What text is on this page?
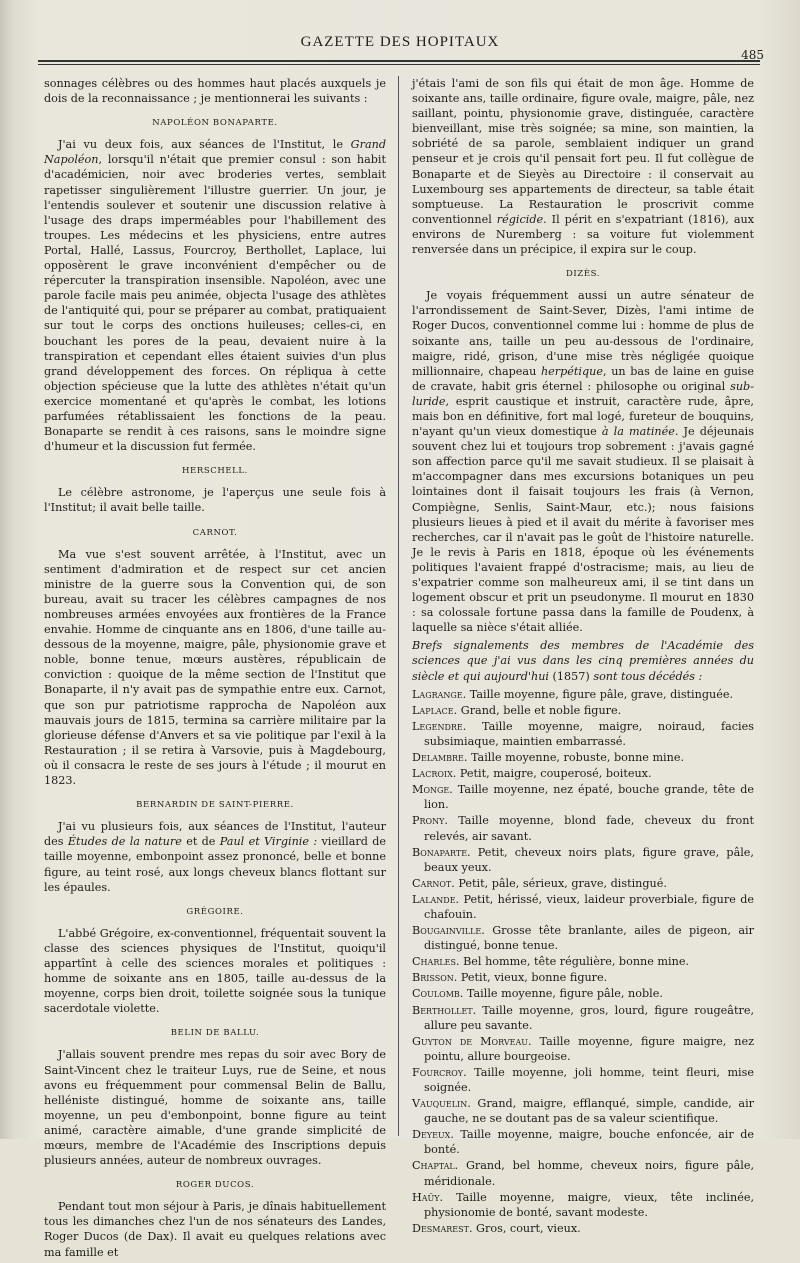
GAZETTE DES HOPITAUX
485

sonnages célèbres ou des hommes haut placés auxquels je dois de la reconnaissance ; je mentionnerai les suivants :

NAPOLÉON BONAPARTE.

J'ai vu deux fois, aux séances de l'Institut, le Grand Napoléon, lorsqu'il n'était que premier consul : son habit d'académicien, noir avec broderies vertes, semblait rapetisser singulièrement l'illustre guerrier. Un jour, je l'entendis soulever et soutenir une discussion relative à l'usage des draps imperméables pour l'habillement des troupes. Les médecins et les physiciens, entre autres Portal, Hallé, Lassus, Fourcroy, Berthollet, Laplace, lui opposèrent le grave inconvénient d'empêcher ou de répercuter la transpiration insensible. Napoléon, avec une parole facile mais peu animée, objecta l'usage des athlètes de l'antiquité qui, pour se préparer au combat, pratiquaient sur tout le corps des onctions huileuses; celles-ci, en bouchant les pores de la peau, devaient nuire à la transpiration et cependant elles étaient suivies d'un plus grand développement des forces. On répliqua à cette objection spécieuse que la lutte des athlètes n'était qu'un exercice momentané et qu'après le combat, les lotions parfumées rétablissaient les fonctions de la peau. Bonaparte se rendit à ces raisons, sans le moindre signe d'humeur et la discussion fut fermée.

HERSCHELL.

Le célèbre astronome, je l'aperçus une seule fois à l'Institut; il avait belle taille.

CARNOT.

Ma vue s'est souvent arrêtée, à l'Institut, avec un sentiment d'admiration et de respect sur cet ancien ministre de la guerre sous la Convention qui, de son bureau, avait su tracer les célèbres campagnes de nos nombreuses armées envoyées aux frontières de la France envahie. Homme de cinquante ans en 1806, d'une taille au-dessous de la moyenne, maigre, pâle, physionomie grave et noble, bonne tenue, mœurs austères, républicain de conviction : quoique de la même section de l'Institut que Bonaparte, il n'y avait pas de sympathie entre eux. Carnot, que son pur patriotisme rapprocha de Napoléon aux mauvais jours de 1815, termina sa carrière militaire par la glorieuse défense d'Anvers et sa vie politique par l'exil à la Restauration ; il se retira à Varsovie, puis à Magdebourg, où il consacra le reste de ses jours à l'étude ; il mourut en 1823.

BERNARDIN DE SAINT-PIERRE.

J'ai vu plusieurs fois, aux séances de l'Institut, l'auteur des Études de la nature et de Paul et Virginie : vieillard de taille moyenne, embonpoint assez prononcé, belle et bonne figure, au teint rosé, aux longs cheveux blancs flottant sur les épaules.

GRÉGOIRE.

L'abbé Grégoire, ex-conventionnel, fréquentait souvent la classe des sciences physiques de l'Institut, quoiqu'il appartînt à celle des sciences morales et politiques : homme de soixante ans en 1805, taille au-dessus de la moyenne, corps bien droit, toilette soignée sous la tunique sacerdotale violette.

BELIN DE BALLU.

J'allais souvent prendre mes repas du soir avec Bory de Saint-Vincent chez le traiteur Luys, rue de Seine, et nous avons eu fréquemment pour commensal Belin de Ballu, helléniste distingué, homme de soixante ans, taille moyenne, un peu d'embonpoint, bonne figure au teint animé, caractère aimable, d'une grande simplicité de mœurs, membre de l'Académie des Inscriptions depuis plusieurs années, auteur de nombreux ouvrages.

ROGER DUCOS.

Pendant tout mon séjour à Paris, je dînais habituellement tous les dimanches chez l'un de nos sénateurs des Landes, Roger Ducos (de Dax). Il avait eu quelques relations avec ma famille et

j'étais l'ami de son fils qui était de mon âge. Homme de soixante ans, taille ordinaire, figure ovale, maigre, pâle, nez saillant, pointu, physionomie grave, distinguée, caractère bienveillant, mise très soignée; sa mine, son maintien, la sobriété de sa parole, semblaient indiquer un grand penseur et je crois qu'il pensait fort peu. Il fut collègue de Bonaparte et de Sieyès au Directoire : il conservait au Luxembourg ses appartements de directeur, sa table était somptueuse. La Restauration le proscrivit comme conventionnel régicide. Il périt en s'expatriant (1816), aux environs de Nuremberg : sa voiture fut violemment renversée dans un précipice, il expira sur le coup.

DIZÈS.

Je voyais fréquemment aussi un autre sénateur de l'arrondissement de Saint-Sever, Dizès, l'ami intime de Roger Ducos, conventionnel comme lui : homme de plus de soixante ans, taille un peu au-dessous de l'ordinaire, maigre, ridé, grison, d'une mise très négligée quoique millionnaire, chapeau herpétique, un bas de laine en guise de cravate, habit gris éternel : philosophe ou original sub-luride, esprit caustique et instruit, caractère rude, âpre, mais bon en définitive, fort mal logé, fureteur de bouquins, n'ayant qu'un vieux domestique à la matinée. Je déjeunais souvent chez lui et toujours trop sobrement : j'avais gagné son affection parce qu'il me savait studieux. Il se plaisait à m'accompagner dans mes excursions botaniques un peu lointaines dont il faisait toujours les frais (à Vernon, Compiègne, Senlis, Saint-Maur, etc.); nous faisions plusieurs lieues à pied et il avait du mérite à favoriser mes recherches, car il n'avait pas le goût de l'histoire naturelle. Je le revis à Paris en 1818, époque où les événements politiques l'avaient frappé d'ostracisme; mais, au lieu de s'expatrier comme son malheureux ami, il se tint dans un logement obscur et prit un pseudonyme. Il mourut en 1830 : sa colossale fortune passa dans la famille de Poudenx, à laquelle sa nièce s'était alliée.

Brefs signalements des membres de l'Académie des sciences que j'ai vus dans les cinq premières années du siècle et qui aujourd'hui (1857) sont tous décédés :

Lagrange. Taille moyenne, figure pâle, grave, distinguée.
Laplace. Grand, belle et noble figure.
Legendre. Taille moyenne, maigre, noiraud, facies subsimiaque, maintien embarrassé.
Delambre. Taille moyenne, robuste, bonne mine.
Lacroix. Petit, maigre, couperosé, boiteux.
Monge. Taille moyenne, nez épaté, bouche grande, tête de lion.
Prony. Taille moyenne, blond fade, cheveux du front relevés, air savant.
Bonaparte. Petit, cheveux noirs plats, figure grave, pâle, beaux yeux.
Carnot. Petit, pâle, sérieux, grave, distingué.
Lalande. Petit, hérissé, vieux, laideur proverbiale, figure de chafouin.
Bougainville. Grosse tête branlante, ailes de pigeon, air distingué, bonne tenue.
Charles. Bel homme, tête régulière, bonne mine.
Brisson. Petit, vieux, bonne figure.
Coulomb. Taille moyenne, figure pâle, noble.
Berthollet. Taille moyenne, gros, lourd, figure rougeâtre, allure peu savante.
Guyton de Morveau. Taille moyenne, figure maigre, nez pointu, allure bourgeoise.
Fourcroy. Taille moyenne, joli homme, teint fleuri, mise soignée.
Vauquelin. Grand, maigre, efflanqué, simple, candide, air gauche, ne se doutant pas de sa valeur scientifique.
Deyeux. Taille moyenne, maigre, bouche enfoncée, air de bonté.
Chaptal. Grand, bel homme, cheveux noirs, figure pâle, méridionale.
Haüy. Taille moyenne, maigre, vieux, tête inclinée, physionomie de bonté, savant modeste.
Desmarest. Gros, court, vieux.
